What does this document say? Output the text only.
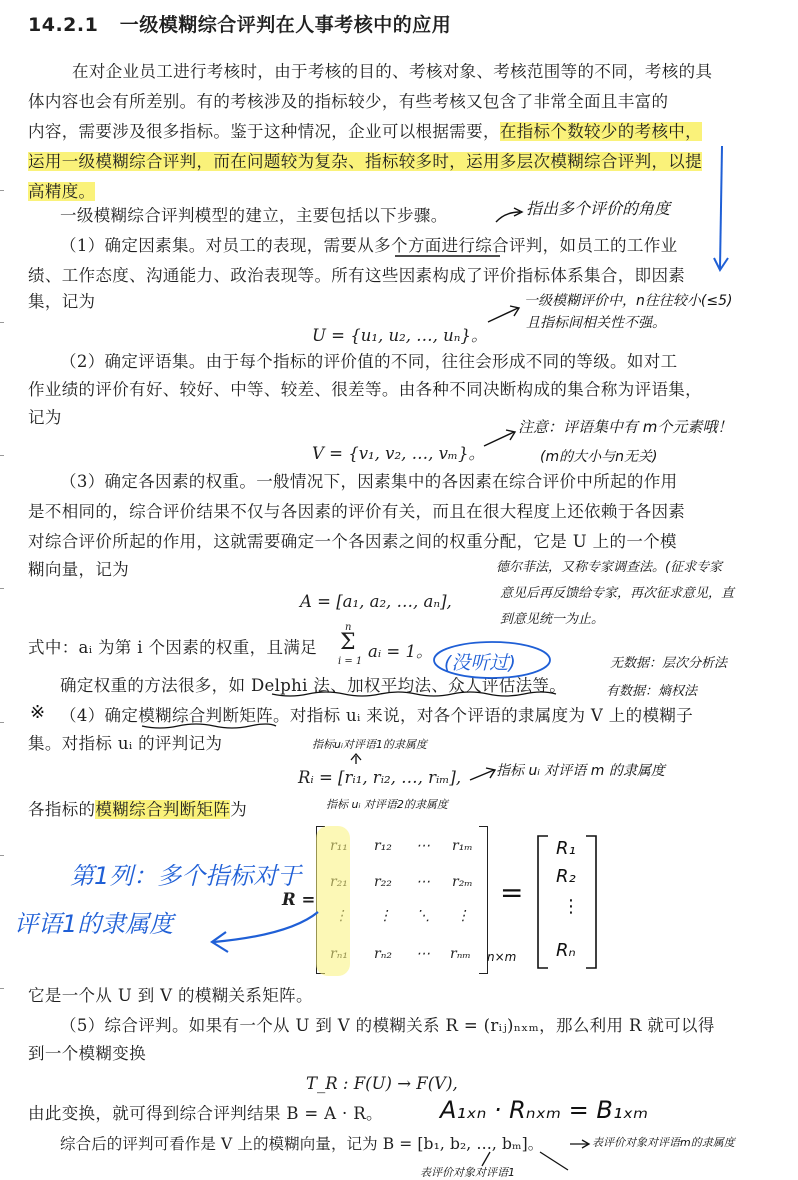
14.2.1 一级模糊综合评判在人事考核中的应用
在对企业员工进行考核时，由于考核的目的、考核对象、考核范围等的不同，考核的具
体内容也会有所差别。有的考核涉及的指标较少，有些考核又包含了非常全面且丰富的
内容，需要涉及很多指标。鉴于这种情况，企业可以根据需要，在指标个数较少的考核中，
运用一级模糊综合评判，而在问题较为复杂、指标较多时，运用多层次模糊综合评判，以提
高精度。
一级模糊综合评判模型的建立，主要包括以下步骤。
（1）确定因素集。对员工的表现，需要从多个方面进行综合评判，如员工的工作业
绩、工作态度、沟通能力、政治表现等。所有这些因素构成了评价指标体系集合，即因素
集，记为
U = {u₁, u₂, …, uₙ}。
（2）确定评语集。由于每个指标的评价值的不同，往往会形成不同的等级。如对工
作业绩的评价有好、较好、中等、较差、很差等。由各种不同决断构成的集合称为评语集，
记为
V = {v₁, v₂, …, vₘ}。
（3）确定各因素的权重。一般情况下，因素集中的各因素在综合评价中所起的作用
是不相同的，综合评价结果不仅与各因素的评价有关，而且在很大程度上还依赖于各因素
对综合评价所起的作用，这就需要确定一个各因素之间的权重分配，它是 U 上的一个模
糊向量，记为
A = [a₁, a₂, …, aₙ],
式中：aᵢ 为第 i 个因素的权重，且满足
n
Σ
i = 1
aᵢ = 1。
确定权重的方法很多，如 Delphi 法、加权平均法、众人评估法等。
（4）确定模糊综合判断矩阵。对指标 uᵢ 来说，对各个评语的隶属度为 V 上的模糊子
集。对指标 uᵢ 的评判记为
Rᵢ = [rᵢ₁, rᵢ₂, …, rᵢₘ],
各指标的模糊综合判断矩阵为
R =
r₁₂ ⋯ r₁ₘ
r₂₂ ⋯ r₂ₘ
⋮ ⋱ ⋮
rₙ₂ ⋯ rₙₘ
它是一个从 U 到 V 的模糊关系矩阵。
（5）综合评判。如果有一个从 U 到 V 的模糊关系 R = (rᵢⱼ)ₙₓₘ，那么利用 R 就可以得
到一个模糊变换
T_R : F(U) → F(V),
由此变换，就可得到综合评判结果 B = A · R。
综合后的评判可看作是 V 上的模糊向量，记为 B = [b₁, b₂, …, bₘ]。
指出多个评价的角度
一级模糊评价中，n往往较小(≤5)
且指标间相关性不强。
注意：评语集中有 m个元素哦！
(m的大小与n无关)
德尔菲法，又称专家调查法。(征求专家
意见后再反馈给专家，再次征求意见，直
到意见统一为止。
(没听过)	无数据：层次分析法
有数据：熵权法
※
指标uᵢ对评语1的隶属度
指标 uᵢ 对评语 m 的隶属度
指标 uᵢ 对评语2的隶属度
第1列：多个指标对于
评语1的隶属度
n×m
=
R₁
R₂
⋮
Rₙ
A₁ₓₙ · Rₙₓₘ = B₁ₓₘ
表评价对象对评语m的隶属度
表评价对象对评语1
